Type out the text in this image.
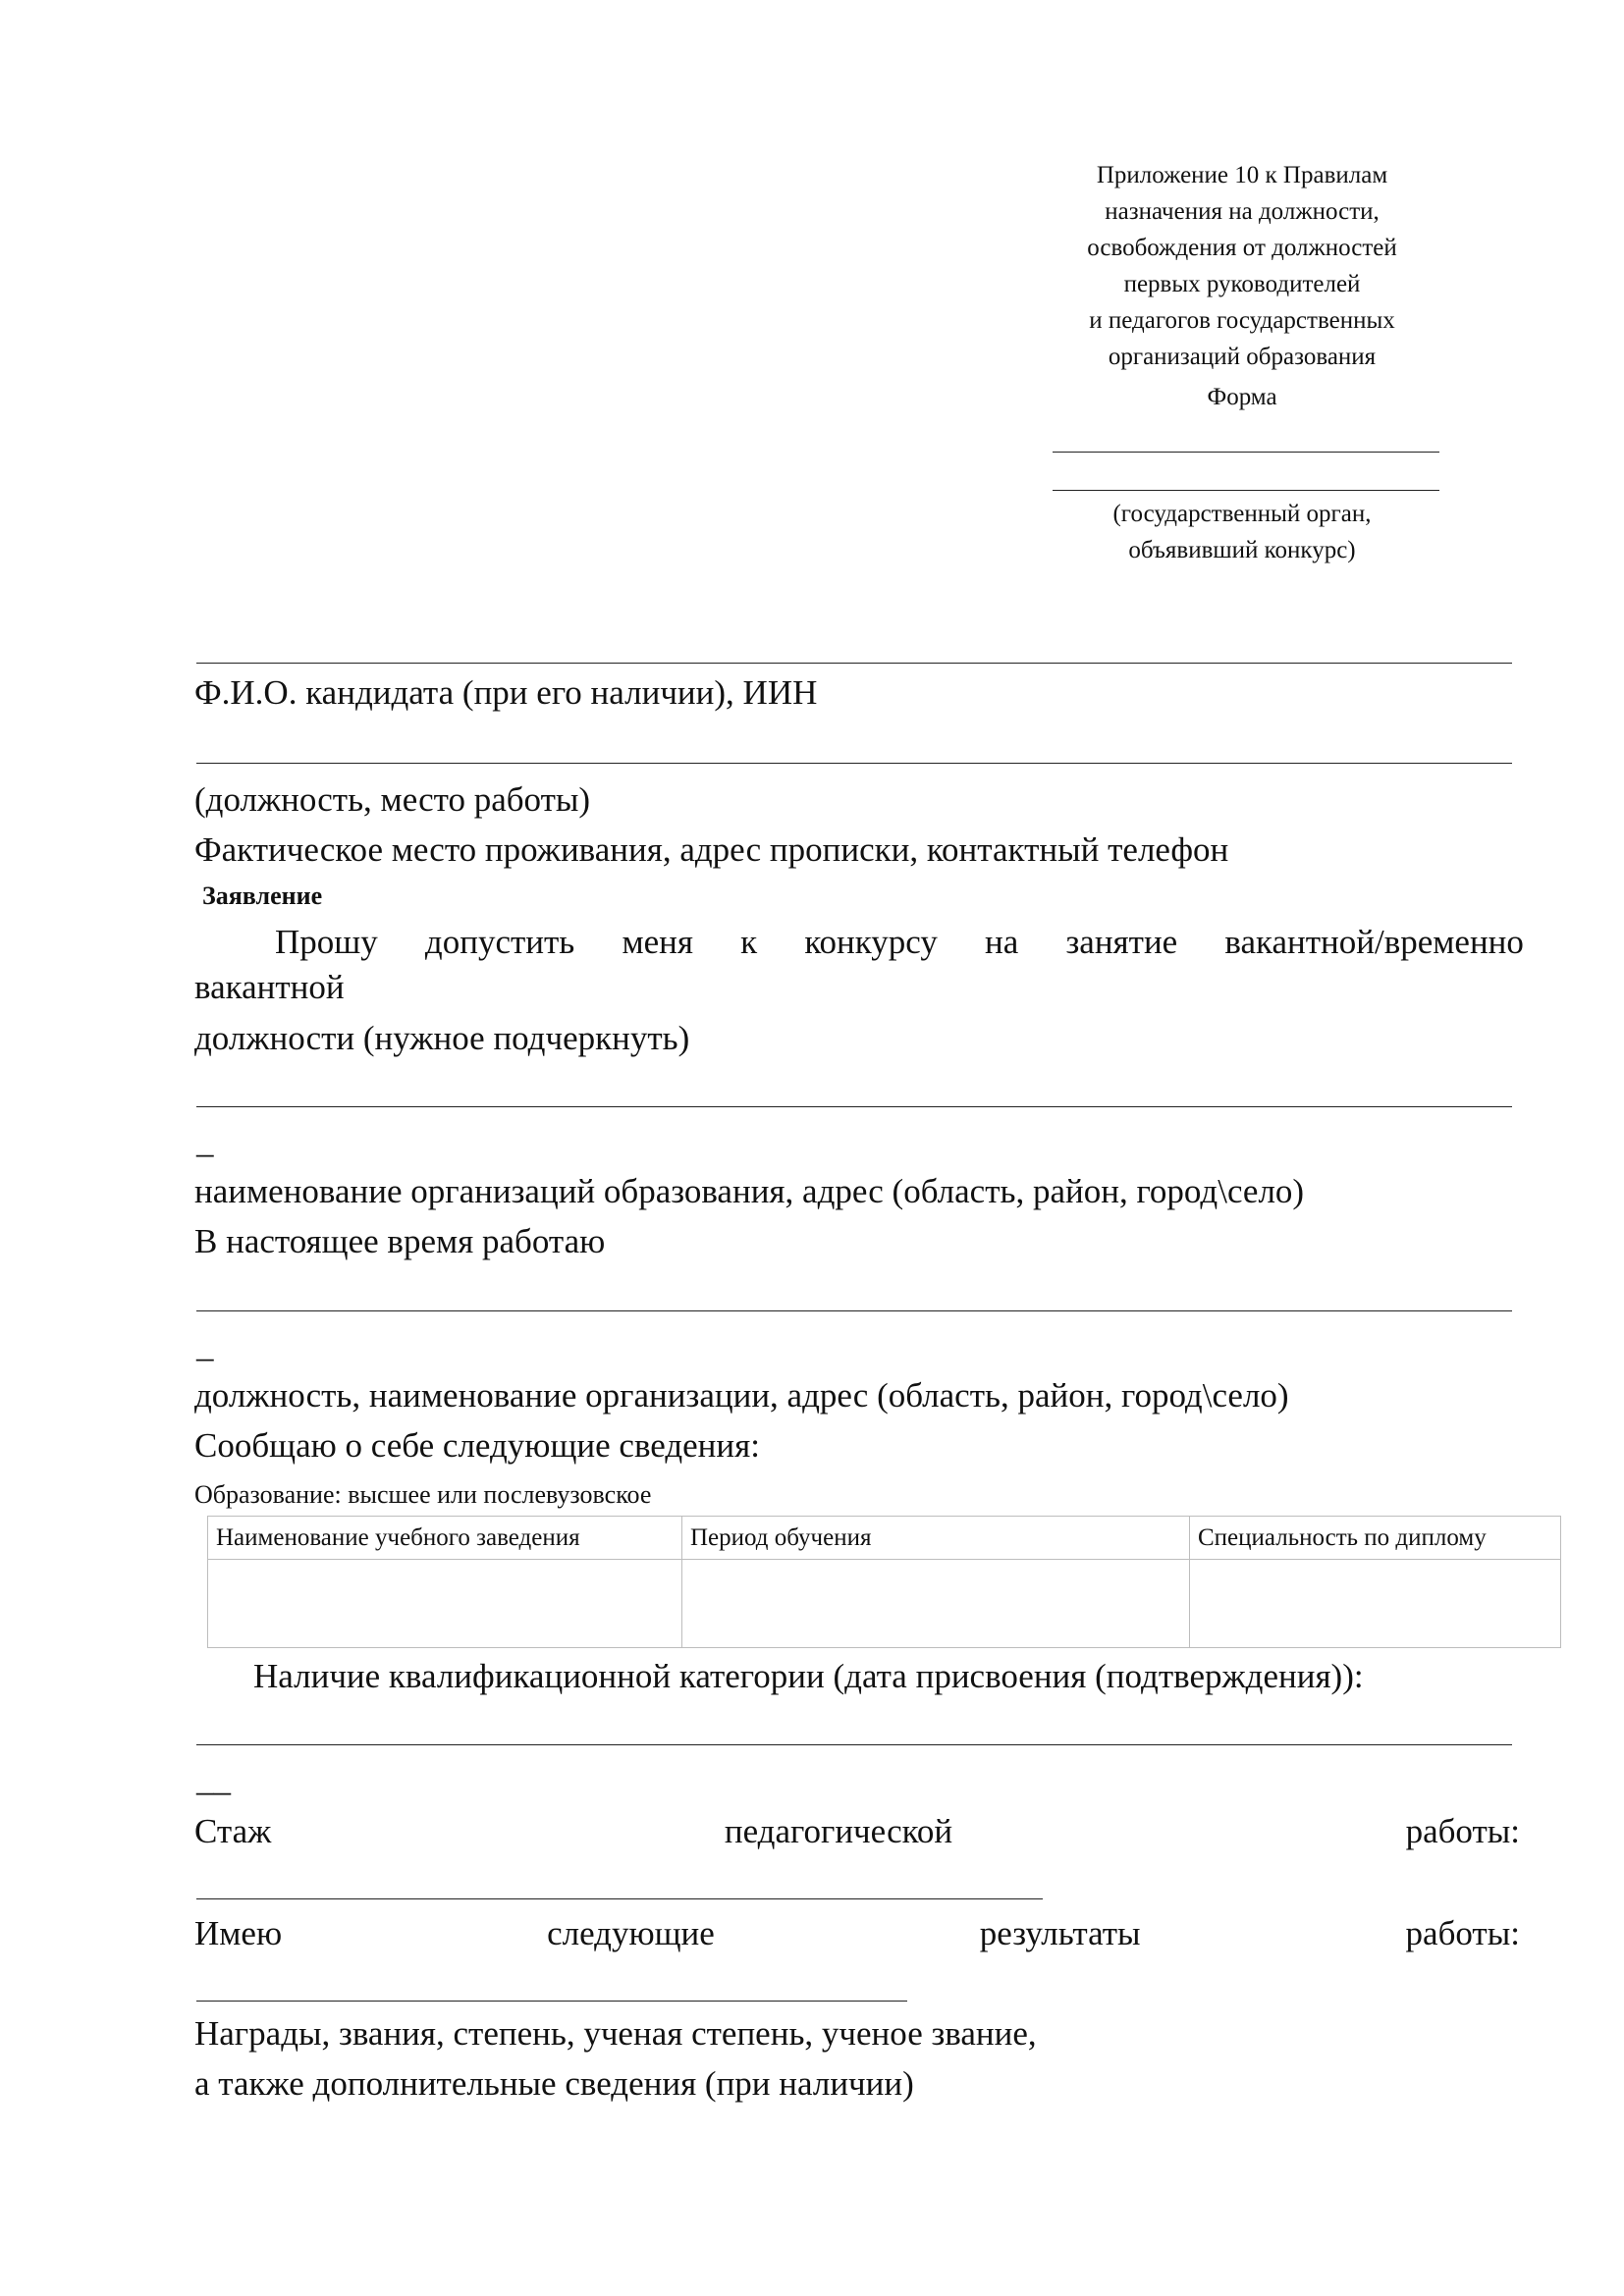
Приложение 10 к Правилам
назначения на должности,
освобождения от должностей
первых руководителей
и педагогов государственных
организаций образования
Форма
(государственный орган,
объявивший конкурс)
Ф.И.О. кандидата (при его наличии), ИИН
(должность, место работы)
Фактическое место проживания, адрес прописки, контактный телефон
Заявление
Прошу допустить меня к конкурсу на занятие вакантной/временно
вакантной
должности (нужное подчеркнуть)
_
наименование организаций образования, адрес (область, район, город\село)
В настоящее время работаю
_
должность, наименование организации, адрес (область, район, город\село)
Сообщаю о себе следующие сведения:
Образование: высшее или послевузовское
Наименование учебного заведения	Период обучения	Специальность по диплому

Наличие квалификационной категории (дата присвоения (подтверждения)):
__
Стаж	педагогической	работы:
Имею	следующие	результаты	работы:
Награды, звания, степень, ученая степень, ученое звание,
а также дополнительные сведения (при наличии)
